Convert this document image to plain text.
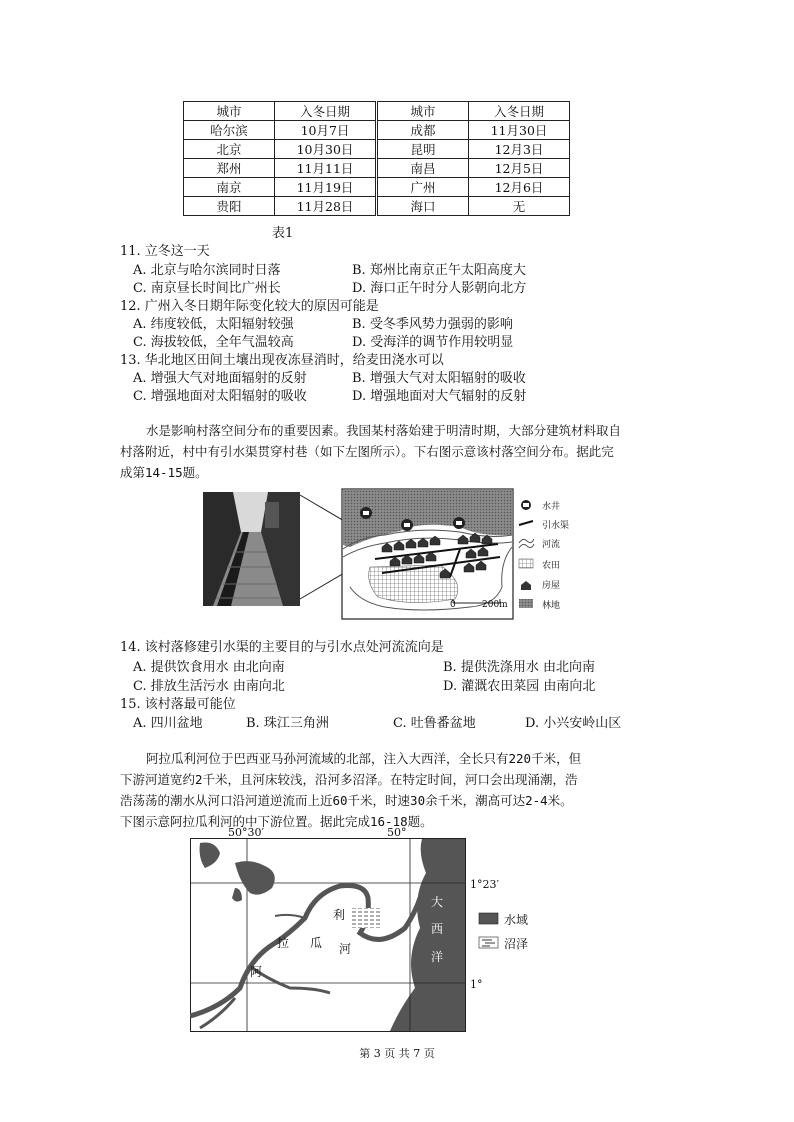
城市	入冬日期	城市	入冬日期
哈尔滨	10月7日	成都	11月30日
北京	10月30日	昆明	12月3日
郑州	11月11日	南昌	12月5日
南京	11月19日	广州	12月6日
贵阳	11月28日	海口	无
表1
11. 立冬这一天
A. 北京与哈尔滨同时日落	B. 郑州比南京正午太阳高度大
C. 南京昼长时间比广州长	D. 海口正午时分人影朝向北方
12. 广州入冬日期年际变化较大的原因可能是
A. 纬度较低，太阳辐射较强	B. 受冬季风势力强弱的影响
C. 海拔较低，全年气温较高	D. 受海洋的调节作用较明显
13. 华北地区田间土壤出现夜冻昼消时，给麦田浇水可以
A. 增强大气对地面辐射的反射	B. 增强大气对太阳辐射的吸收
C. 增强地面对太阳辐射的吸收	D. 增强地面对大气辐射的反射
水是影响村落空间分布的重要因素。我国某村落始建于明清时期，大部分建筑材料取自
村落附近，村中有引水渠贯穿村巷（如下左图所示）。下右图示意该村落空间分布。据此完
成第14-15题。
水井
引水渠
河流
农田
房屋
林地
0	200m
14. 该村落修建引水渠的主要目的与引水点处河流流向是
A. 提供饮食用水 由北向南	B. 提供洗涤用水 由北向南
C. 排放生活污水 由南向北	D. 灌溉农田菜园 由南向北
15. 该村落最可能位
A. 四川盆地	B. 珠江三角洲	C. 吐鲁番盆地	D. 小兴安岭山区
阿拉瓜利河位于巴西亚马孙河流域的北部，注入大西洋，全长只有220千米，但
下游河道宽约2千米，且河床较浅，沿河多沼泽。在特定时间，河口会出现涌潮，浩
浩荡荡的潮水从河口沿河道逆流而上近60千米，时速30余千米，潮高可达2-4米。
下图示意阿拉瓜利河的中下游位置。据此完成16-18题。
50°30′	50°
1°23′
1°
阿
拉 瓜
利
河
大
西
洋
水域
沼泽
第 3 页 共 7 页
